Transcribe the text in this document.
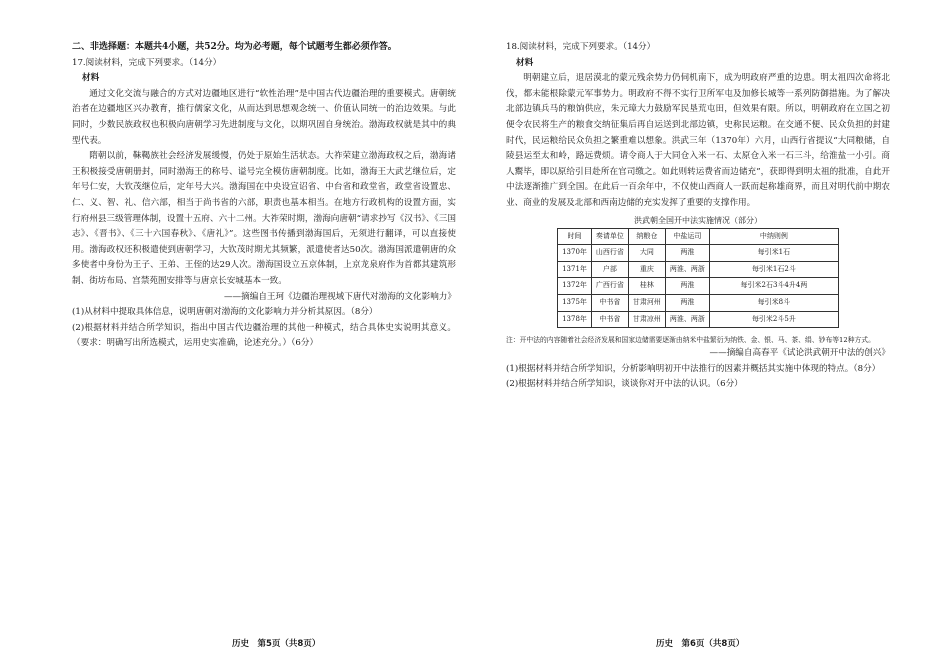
二、非选择题：本题共4小题，共52分。均为必考题，每个试题考生都必须作答。

17.阅读材料，完成下列要求。（14分）

材料

通过文化交流与融合的方式对边疆地区进行“软性治理”是中国古代边疆治理的重要模式。唐朝统治者在边疆地区兴办教育，推行儒家文化，从而达到思想观念统一、价值认同统一的治边效果。与此同时，少数民族政权也积极向唐朝学习先进制度与文化，以期巩固自身统治。渤海政权就是其中的典型代表。

隋朝以前，靺鞨族社会经济发展缓慢，仍处于原始生活状态。大祚荣建立渤海政权之后，渤海诸王积极接受唐朝册封，同时渤海王的称号、谥号完全模仿唐朝制度。比如，渤海王大武艺继位后，定年号仁安，大钦茂继位后，定年号大兴。渤海国在中央设宣诏省、中台省和政堂省，政堂省设置忠、仁、义、智、礼、信六部，相当于尚书省的六部，职责也基本相当。在地方行政机构的设置方面，实行府州县三级管理体制，设置十五府、六十二州。大祚荣时期，渤海向唐朝“请求抄写《汉书》、《三国志》、《晋书》、《三十六国春秋》、《唐礼》”。这些图书传播到渤海国后，无须进行翻译，可以直接使用。渤海政权还积极遣使到唐朝学习，大钦茂时期尤其频繁，派遣使者达50次。渤海国派遣朝唐的众多使者中身份为王子、王弟、王侄的达29人次。渤海国设立五京体制，上京龙泉府作为首都其建筑形制、街坊布局、宫禁苑囿安排等与唐京长安城基本一致。

——摘编自王珂《边疆治理视域下唐代对渤海的文化影响力》

(1)从材料中提取具体信息，说明唐朝对渤海的文化影响力并分析其原因。（8分）

(2)根据材料并结合所学知识，指出中国古代边疆治理的其他一种模式，结合具体史实说明其意义。（要求：明确写出所选模式，运用史实准确，论述充分。）（6分）

18.阅读材料，完成下列要求。（14分）

材料

明朝建立后，退居漠北的蒙元残余势力仍伺机南下，成为明政府严重的边患。明太祖四次命将北伐，都未能根除蒙元军事势力。明政府不得不实行卫所军屯及加修长城等一系列防御措施。为了解决北部边镇兵马的粮饷供应，朱元璋大力鼓励军民垦荒屯田，但效果有限。所以，明朝政府在立国之初便令农民将生产的粮食交纳征集后再自运送到北部边镇，史称民运粮。在交通不便、民众负担的封建时代，民运粮给民众负担之繁重难以想象。洪武三年（1370年）六月，山西行省提议“大同粮储，自陵县运至太和岭，路远费烦。请令商人于大同仓入米一石、太原仓入米一石三斗，给淮盐一小引。商人鬻毕，即以原给引目赴所在官司缴之。如此则转运费省而边储充”，获即得到明太祖的批准，自此开中法逐渐推广到全国。在此后一百余年中，不仅使山西商人一跃而起称雄商界，而且对明代前中期农业、商业的发展及北部和西南边储的充实发挥了重要的支撑作用。

洪武朝全国开中法实施情况（部分）

时间	奏请单位	纳粮仓	中盐运司	中纳则例
1370年	山西行省	大同	两淮	每引米1石
1371年	户部	重庆	两淮、两浙	每引米1石2斗
1372年	广西行省	桂林	两淮	每引米2石3斗4升4两
1375年	中书省	甘肃河州	两淮	每引米8斗
1378年	中书省	甘肃凉州	两淮、两浙	每引米2斗5升

注：开中法的内容随着社会经济发展和国家边储需要逐渐由纳米中盐繁衍为纳铁、金、银、马、茶、绢、钞布等12种方式。

——摘编自高春平《试论洪武朝开中法的创兴》

(1)根据材料并结合所学知识，分析影响明初开中法推行的因素并概括其实施中体现的特点。（8分）

(2)根据材料并结合所学知识，谈谈你对开中法的认识。（6分）

历史　第5页（共8页）	历史　第6页（共8页）
